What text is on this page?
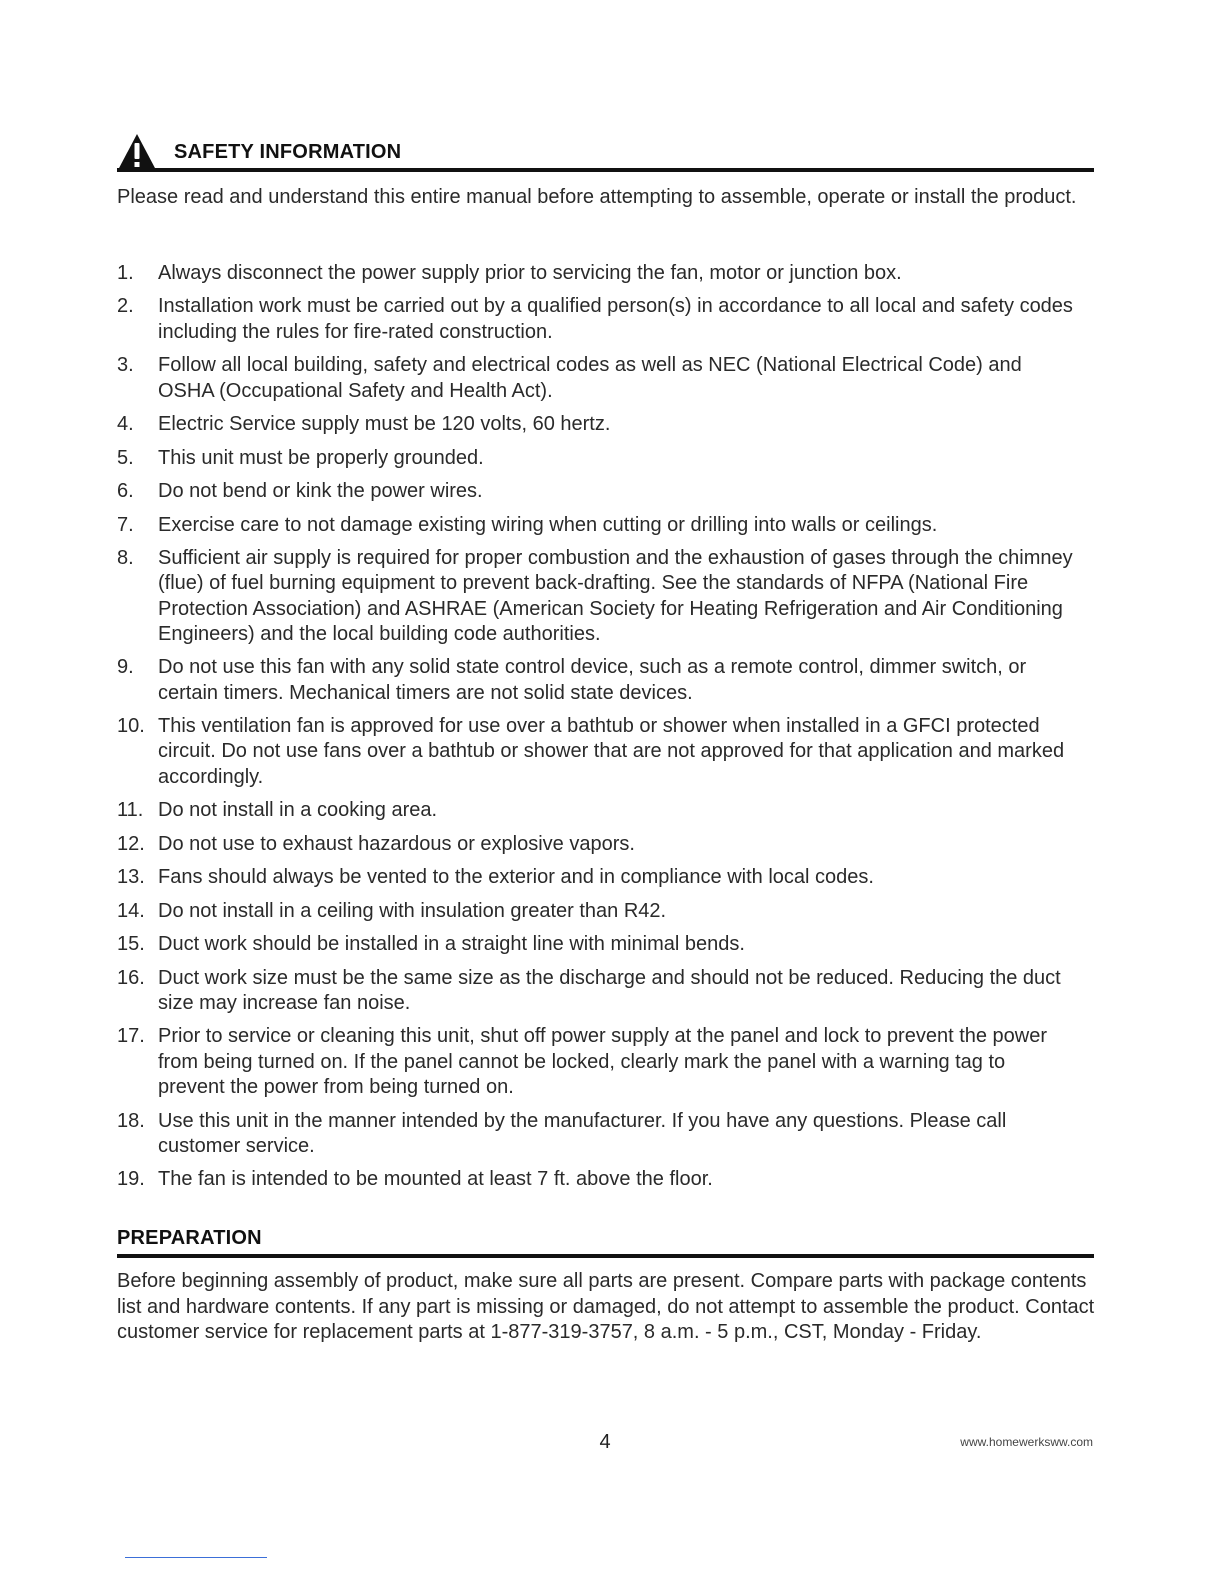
SAFETY INFORMATION
Please read and understand this entire manual before attempting to assemble, operate or install the product.
1. Always disconnect the power supply prior to servicing the fan, motor or junction box.
2. Installation work must be carried out by a qualified person(s) in accordance to all local and safety codes including the rules for fire-rated construction.
3. Follow all local building, safety and electrical codes as well as NEC (National Electrical Code) and OSHA (Occupational Safety and Health Act).
4. Electric Service supply must be 120 volts, 60 hertz.
5. This unit must be properly grounded.
6. Do not bend or kink the power wires.
7. Exercise care to not damage existing wiring when cutting or drilling into walls or ceilings.
8. Sufficient air supply is required for proper combustion and the exhaustion of gases through the chimney (flue) of fuel burning equipment to prevent back-drafting. See the standards of NFPA (National Fire Protection Association) and ASHRAE (American Society for Heating Refrigeration and Air Conditioning Engineers) and the local building code authorities.
9. Do not use this fan with any solid state control device, such as a remote control, dimmer switch, or certain timers. Mechanical timers are not solid state devices.
10. This ventilation fan is approved for use over a bathtub or shower when installed in a GFCI protected circuit. Do not use fans over a bathtub or shower that are not approved for that application and marked accordingly.
11. Do not install in a cooking area.
12. Do not use to exhaust hazardous or explosive vapors.
13. Fans should always be vented to the exterior and in compliance with local codes.
14. Do not install in a ceiling with insulation greater than R42.
15. Duct work should be installed in a straight line with minimal bends.
16. Duct work size must be the same size as the discharge and should not be reduced. Reducing the duct size may increase fan noise.
17. Prior to service or cleaning this unit, shut off power supply at the panel and lock to prevent the power from being turned on. If the panel cannot be locked, clearly mark the panel with a warning tag to prevent the power from being turned on.
18. Use this unit in the manner intended by the manufacturer. If you have any questions. Please call customer service.
19. The fan is intended to be mounted at least 7 ft. above the floor.
PREPARATION
Before beginning assembly of product, make sure all parts are present. Compare parts with package contents list and hardware contents. If any part is missing or damaged, do not attempt to assemble the product. Contact customer service for replacement parts at 1-877-319-3757, 8 a.m. - 5 p.m., CST, Monday - Friday.
4	www.homewerksww.com
